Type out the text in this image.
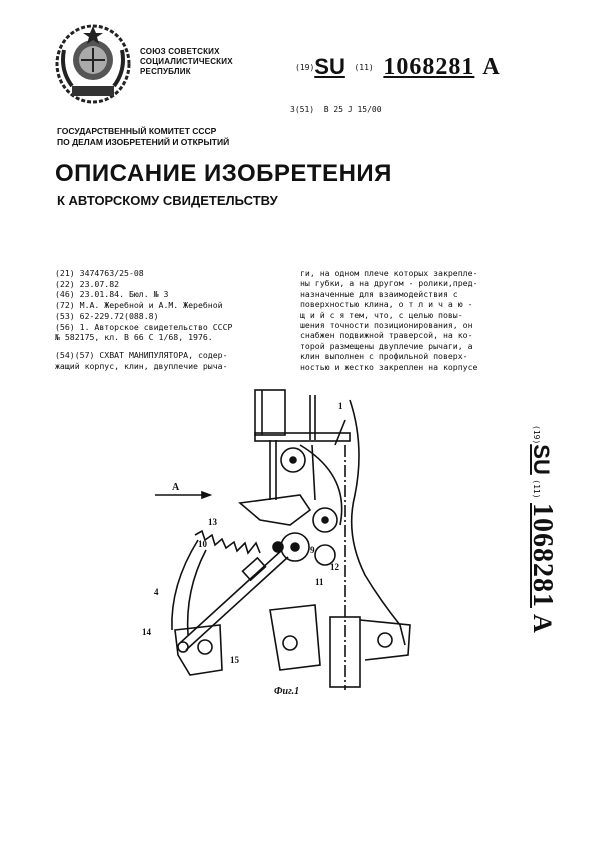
СОЮЗ СОВЕТСКИХ
СОЦИАЛИСТИЧЕСКИХ
РЕСПУБЛИК	$^{(19)}$SU $^{(11)}$ 1068281 A
3(51) В 25 J 15/00
ГОСУДАРСТВЕННЫЙ КОМИТЕТ СССР
ПО ДЕЛАМ ИЗОБРЕТЕНИЙ И ОТКРЫТИЙ
ОПИСАНИЕ ИЗОБРЕТЕНИЯ
К АВТОРСКОМУ СВИДЕТЕЛЬСТВУ
(21) 3474763/25-08
(22) 23.07.82
(46) 23.01.84. Бюл. № 3
(72) М.А. Жеребной и А.М. Жеребной
(53) 62-229.72(088.8)
(56) 1. Авторское свидетельство СССР
№ 582175, кл. В 66 С 1/68, 1976.
(54)(57) СХВАТ МАНИПУЛЯТОРА, содер-
жащий корпус, клин, двуплечие рыча-
ги, на одном плече которых закрепле-
ны губки, а на другом - ролики,пред-
назначенные для взаимодействия с
поверхностью клина, о т л и ч а ю -
щ и й с я тем, что, с целью повы-
шения точности позиционирования, он
снабжен подвижной траверсой, на ко-
торой размещены двуплечие рычаги, а
клин выполнен с профильной поверх-
ностью и жестко закреплен на корпусе
1
A
13
10
9
12
11
4
14
15
Фиг.1
(19)SU (11) 1068281A
